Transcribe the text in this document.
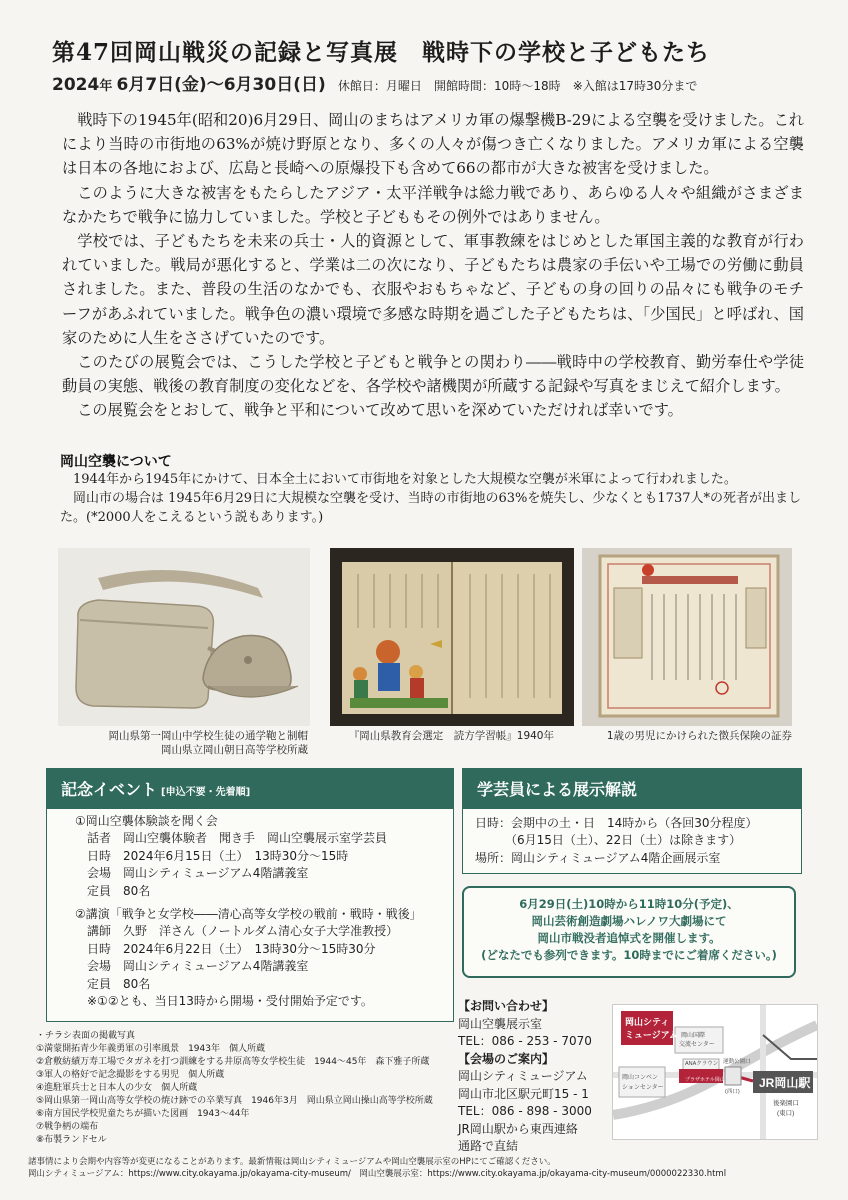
第47回岡山戦災の記録と写真展　戦時下の学校と子どもたち
2024年 6月7日(金)〜6月30日(日) 休館日：月曜日 開館時間：10時〜18時 ※入館は17時30分まで

戦時下の1945年(昭和20)6月29日、岡山のまちはアメリカ軍の爆撃機B-29による空襲を受けました。これにより当時の市街地の63%が焼け野原となり、多くの人々が傷つき亡くなりました。アメリカ軍による空襲は日本の各地におよび、広島と長崎への原爆投下も含めて66の都市が大きな被害を受けました。

このように大きな被害をもたらしたアジア・太平洋戦争は総力戦であり、あらゆる人々や組織がさまざまなかたちで戦争に協力していました。学校と子どももその例外ではありません。

学校では、子どもたちを未来の兵士・人的資源として、軍事教練をはじめとした軍国主義的な教育が行われていました。戦局が悪化すると、学業は二の次になり、子どもたちは農家の手伝いや工場での労働に動員されました。また、普段の生活のなかでも、衣服やおもちゃなど、子どもの身の回りの品々にも戦争のモチーフがあふれていました。戦争色の濃い環境で多感な時期を過ごした子どもたちは、「少国民」と呼ばれ、国家のために人生をささげていたのです。

このたびの展覧会では、こうした学校と子どもと戦争との関わり――戦時中の学校教育、勤労奉仕や学徒動員の実態、戦後の教育制度の変化などを、各学校や諸機関が所蔵する記録や写真をまじえて紹介します。

この展覧会をとおして、戦争と平和について改めて思いを深めていただければ幸いです。

岡山空襲について

1944年から1945年にかけて、日本全土において市街地を対象とした大規模な空襲が米軍によって行われました。

岡山市の場合は 1945年6月29日に大規模な空襲を受け、当時の市街地の63%を焼失し、少なくとも1737人*の死者が出ました。(*2000人をこえるという説もあります。)

岡山県第一岡山中学校生徒の通学鞄と制帽
岡山県立岡山朝日高等学校所蔵
『岡山県教育会選定　読方学習帳』1940年	1歳の男児にかけられた徴兵保険の証券
記念イベント [申込不要・先着順]
①岡山空襲体験談を聞く会
　話者　岡山空襲体験者　聞き手　岡山空襲展示室学芸員
　日時　2024年6月15日（土）　13時30分〜15時
　会場　岡山シティミュージアム4階講義室
　定員　80名
②講演「戦争と女学校――清心高等女学校の戦前・戦時・戦後」
　講師　久野　洋さん（ノートルダム清心女子大学准教授）
　日時　2024年6月22日（土）　13時30分〜15時30分
　会場　岡山シティミュージアム4階講義室
　定員　80名
　※①②とも、当日13時から開場・受付開始予定です。
学芸員による展示解説
日時：会期中の土・日　14時から（各回30分程度）
　　　（6月15日（土）、22日（土）は除きます）
場所：岡山シティミュージアム4階企画展示室
6月29日(土)10時から11時10分(予定)、
岡山芸術創造劇場ハレノワ大劇場にて
岡山市戦没者追悼式を開催します。
(どなたでも参列できます。10時までにご着席ください。)
・チラシ表面の掲載写真
①満蒙開拓青少年義勇軍の引率風景　1943年　個人所蔵
②倉敷紡績万寿工場でタガネを打つ訓練をする井原高等女学校生徒　1944〜45年　森下雅子所蔵
③軍人の格好で記念撮影をする男児　個人所蔵
④進駐軍兵士と日本人の少女　個人所蔵
⑤岡山県第一岡山高等女学校の焼け跡での卒業写真　1946年3月　岡山県立岡山操山高等学校所蔵
⑥南方国民学校児童たちが描いた図画　1943〜44年
⑦戦争柄の端布
⑧布製ランドセル
【お問い合わせ】
岡山空襲展示室
TEL：086 - 253 - 7070
【会場のご案内】
岡山シティミュージアム
岡山市北区駅元町15 - 1
TEL：086 - 898 - 3000
JR岡山駅から東西連絡
通路で直結
岡山シティ
ミュージアム 岡山国際
交流センター
ANAクラウン
プラザホテル岡山
岡山コンベン
ションセンター
運動公園口
(西口)
JR岡山駅
後楽園口
(東口)
諸事情により会期や内容等が変更になることがあります。最新情報は岡山シティミュージアムや岡山空襲展示室のHPにてご確認ください。
岡山シティミュージアム：https://www.city.okayama.jp/okayama-city-museum/　岡山空襲展示室：https://www.city.okayama.jp/okayama-city-museum/0000022330.html
